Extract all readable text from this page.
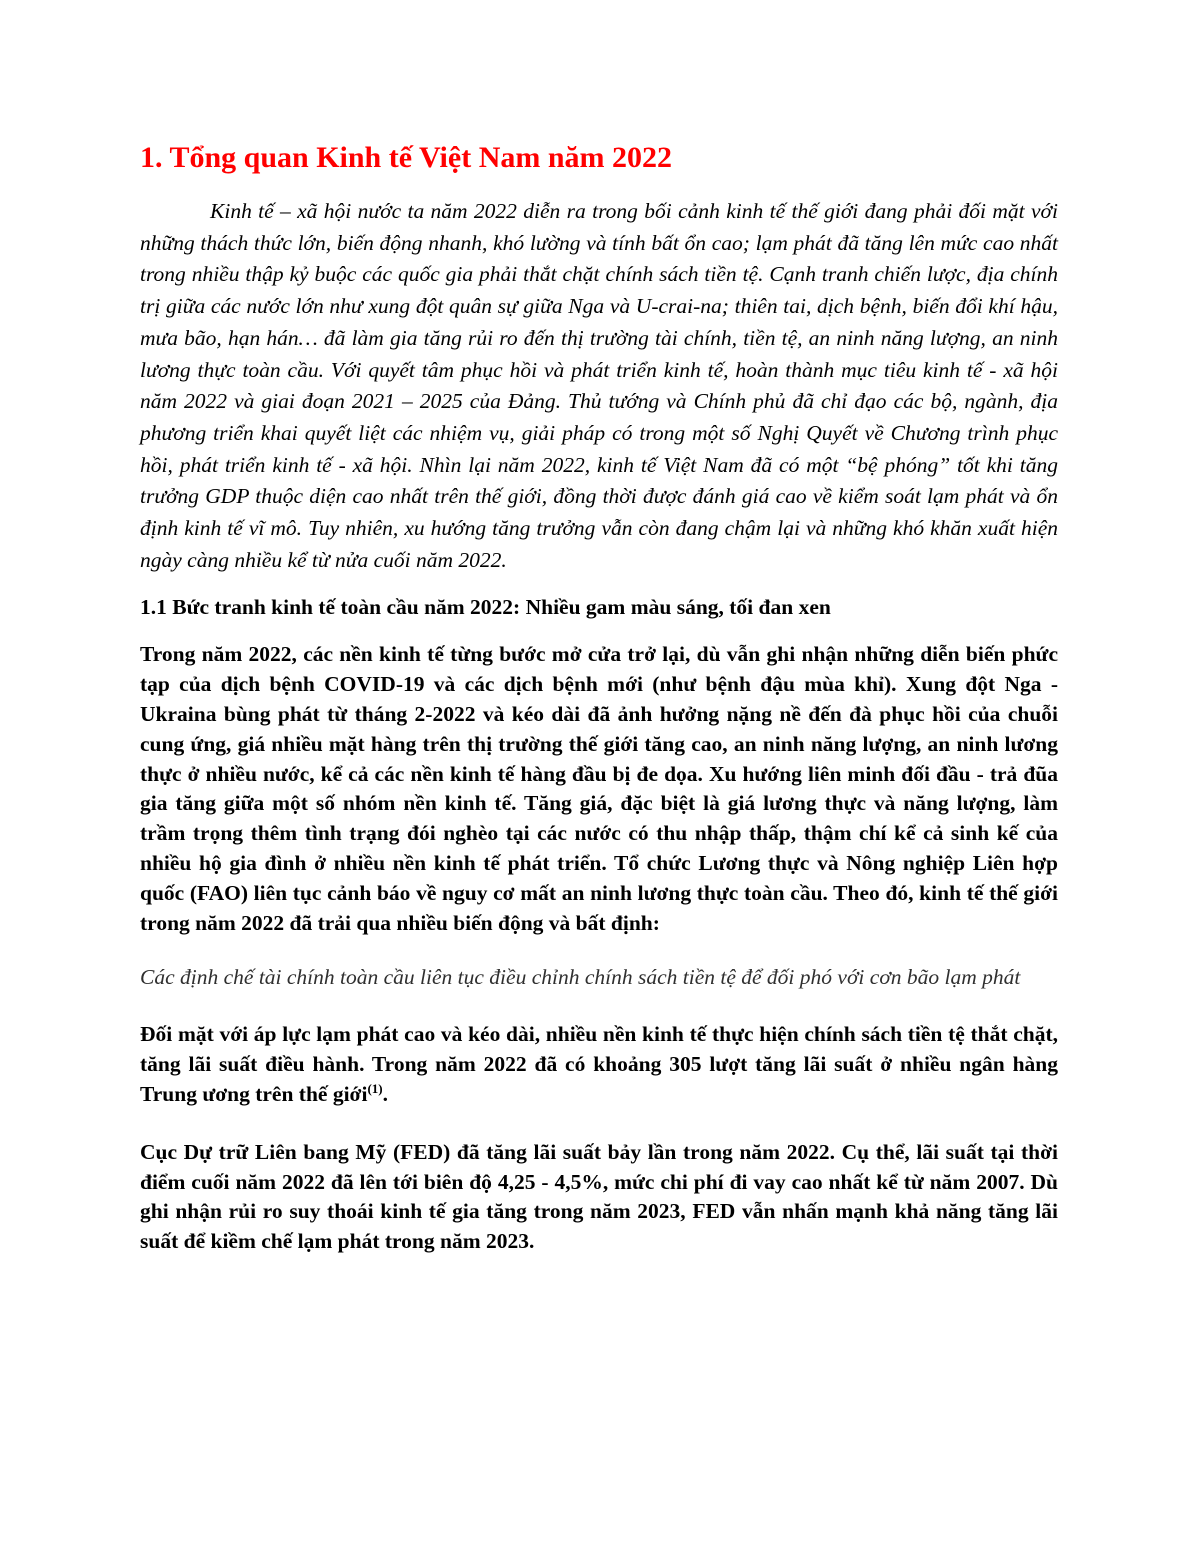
1. Tổng quan Kinh tế Việt Nam năm 2022

Kinh tế – xã hội nước ta năm 2022 diễn ra trong bối cảnh kinh tế thế giới đang phải đối mặt với những thách thức lớn, biến động nhanh, khó lường và tính bất ổn cao; lạm phát đã tăng lên mức cao nhất trong nhiều thập kỷ buộc các quốc gia phải thắt chặt chính sách tiền tệ. Cạnh tranh chiến lược, địa chính trị giữa các nước lớn như xung đột quân sự giữa Nga và U-crai-na; thiên tai, dịch bệnh, biến đổi khí hậu, mưa bão, hạn hán… đã làm gia tăng rủi ro đến thị trường tài chính, tiền tệ, an ninh năng lượng, an ninh lương thực toàn cầu. Với quyết tâm phục hồi và phát triển kinh tế, hoàn thành mục tiêu kinh tế - xã hội năm 2022 và giai đoạn 2021 – 2025 của Đảng. Thủ tướng và Chính phủ đã chỉ đạo các bộ, ngành, địa phương triển khai quyết liệt các nhiệm vụ, giải pháp có trong một số Nghị Quyết về Chương trình phục hồi, phát triển kinh tế - xã hội. Nhìn lại năm 2022, kinh tế Việt Nam đã có một “bệ phóng” tốt khi tăng trưởng GDP thuộc diện cao nhất trên thế giới, đồng thời được đánh giá cao về kiểm soát lạm phát và ổn định kinh tế vĩ mô. Tuy nhiên, xu hướng tăng trưởng vẫn còn đang chậm lại và những khó khăn xuất hiện ngày càng nhiều kể từ nửa cuối năm 2022.

1.1 Bức tranh kinh tế toàn cầu năm 2022: Nhiều gam màu sáng, tối đan xen

Trong năm 2022, các nền kinh tế từng bước mở cửa trở lại, dù vẫn ghi nhận những diễn biến phức tạp của dịch bệnh COVID-19 và các dịch bệnh mới (như bệnh đậu mùa khỉ). Xung đột Nga - Ukraina bùng phát từ tháng 2-2022 và kéo dài đã ảnh hưởng nặng nề đến đà phục hồi của chuỗi cung ứng, giá nhiều mặt hàng trên thị trường thế giới tăng cao, an ninh năng lượng, an ninh lương thực ở nhiều nước, kể cả các nền kinh tế hàng đầu bị đe dọa. Xu hướng liên minh đối đầu - trả đũa gia tăng giữa một số nhóm nền kinh tế. Tăng giá, đặc biệt là giá lương thực và năng lượng, làm trầm trọng thêm tình trạng đói nghèo tại các nước có thu nhập thấp, thậm chí kể cả sinh kế của nhiều hộ gia đình ở nhiều nền kinh tế phát triển. Tổ chức Lương thực và Nông nghiệp Liên hợp quốc (FAO) liên tục cảnh báo về nguy cơ mất an ninh lương thực toàn cầu. Theo đó, kinh tế thế giới trong năm 2022 đã trải qua nhiều biến động và bất định:

Các định chế tài chính toàn cầu liên tục điều chỉnh chính sách tiền tệ để đối phó với cơn bão lạm phát

Đối mặt với áp lực lạm phát cao và kéo dài, nhiều nền kinh tế thực hiện chính sách tiền tệ thắt chặt, tăng lãi suất điều hành. Trong năm 2022 đã có khoảng 305 lượt tăng lãi suất ở nhiều ngân hàng Trung ương trên thế giới$^{(1)}$.

Cục Dự trữ Liên bang Mỹ (FED) đã tăng lãi suất bảy lần trong năm 2022. Cụ thể, lãi suất tại thời điểm cuối năm 2022 đã lên tới biên độ 4,25 - 4,5%, mức chi phí đi vay cao nhất kể từ năm 2007. Dù ghi nhận rủi ro suy thoái kinh tế gia tăng trong năm 2023, FED vẫn nhấn mạnh khả năng tăng lãi suất để kiềm chế lạm phát trong năm 2023.
